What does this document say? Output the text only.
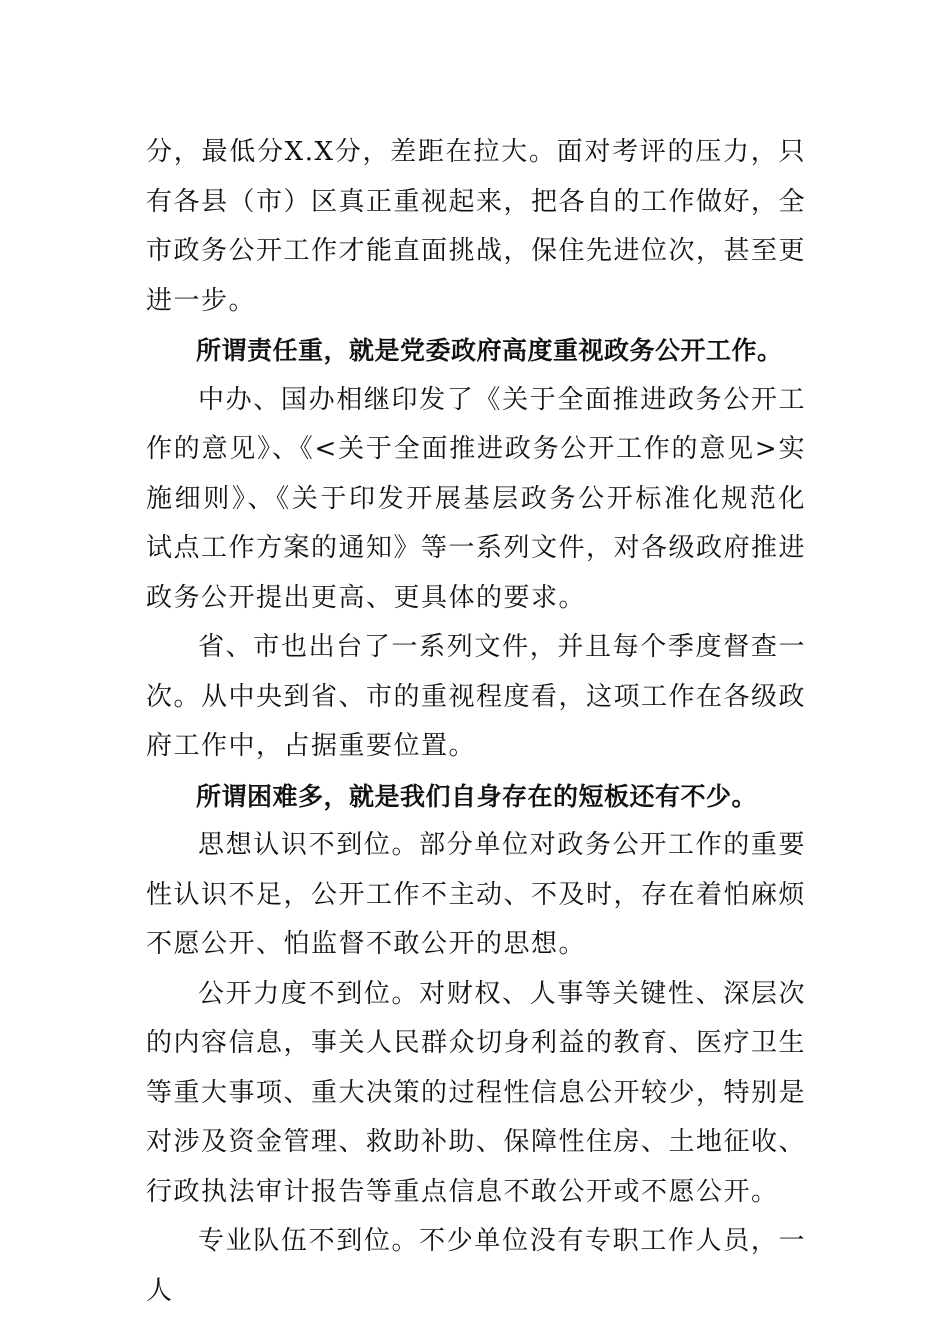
分，最低分X.X分，差距在拉大。面对考评的压力，只有各县（市）区真正重视起来，把各自的工作做好，全市政务公开工作才能直面挑战，保住先进位次，甚至更进一步。

所谓责任重，就是党委政府高度重视政务公开工作。

中办、国办相继印发了《关于全面推进政务公开工作的意见》、《<关于全面推进政务公开工作的意见>实施细则》、《关于印发开展基层政务公开标准化规范化试点工作方案的通知》等一系列文件，对各级政府推进政务公开提出更高、更具体的要求。

省、市也出台了一系列文件，并且每个季度督查一次。从中央到省、市的重视程度看，这项工作在各级政府工作中，占据重要位置。

所谓困难多，就是我们自身存在的短板还有不少。

思想认识不到位。部分单位对政务公开工作的重要性认识不足，公开工作不主动、不及时，存在着怕麻烦不愿公开、怕监督不敢公开的思想。

公开力度不到位。对财权、人事等关键性、深层次的内容信息，事关人民群众切身利益的教育、医疗卫生等重大事项、重大决策的过程性信息公开较少，特别是对涉及资金管理、救助补助、保障性住房、土地征收、行政执法审计报告等重点信息不敢公开或不愿公开。

专业队伍不到位。不少单位没有专职工作人员，一人
